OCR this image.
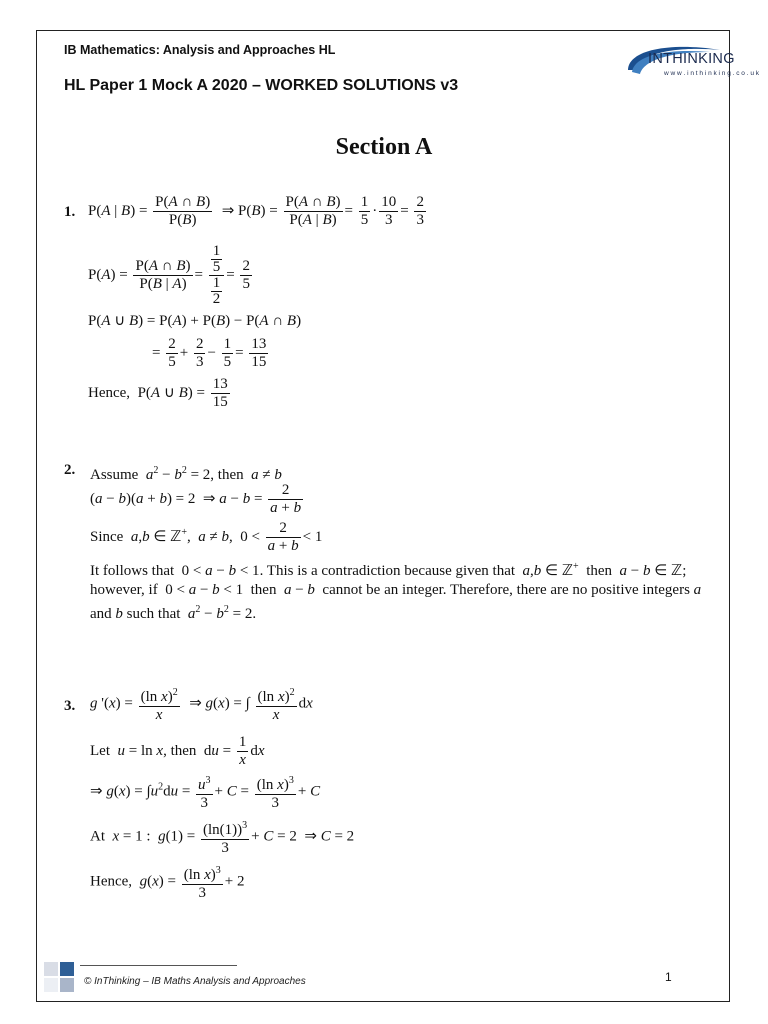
IB Mathematics: Analysis and Approaches HL
HL Paper 1 Mock A 2020 – WORKED SOLUTIONS v3
INTHINKING
w w w . i n t h i n k i n g . c o . u k
Section A
1. P(A | $B) = \frac{P(A \cap B)}{P(B)}$ ⇒ $P(B) = \frac{P(A \cap B)}{P(A | B)} = \frac{1}{5} \cdot \frac{10}{3} = \frac{2}{3}$
$P(A) = \frac{P(A \cap B)}{P(B | A)} = \frac{\frac{1}{5}}{\frac{1}{2}} = \frac{2}{5}$
P(A ∪ B) = P(A) + P(B) − P(A ∩ B)
= $\frac{2}{5} + \frac{2}{3} - \frac{1}{5} = \frac{13}{15}$
Hence,  P(A ∪ $B) = \frac{13}{15}$
2. Assume $a^2 - b^2 = 2$, then a ≠ b
(a − b)(a + b) = 2  ⇒ $a - b = \frac{2}{a + b}$
Since a,b ∈ ℤ+,  a ≠ b,  $0 < \frac{2}{a + b} < 1$
It follows that  0 < a − b < 1. This is a contradiction because given that a,b ∈ ℤ+ then a − b ∈ ℤ; however, if  0 < a − b < 1  then a − b cannot be an integer. Therefore, there are no positive integers a and b such that $a^2 - b^2 = 2$.
3. g '$(x) = \frac{(\ln x)^2}{x}$ ⇒ g(x) = ∫ $\frac{(\ln x)^2}{x}$ dx
Let u = ln x, then  du = $\frac{1}{x}$ dx
⇒ $g(x) = \int u^2du = \frac{u^3}{3} + C = \frac{(\ln x)^3}{3} + C$
At x = 1 :  $g(1) = \frac{(\ln(1))^3}{3} + C = 2$  ⇒ C = 2
Hence, $g(x) = \frac{(\ln x)^3}{3} + 2$
© InThinking – IB Maths Analysis and Approaches	1
